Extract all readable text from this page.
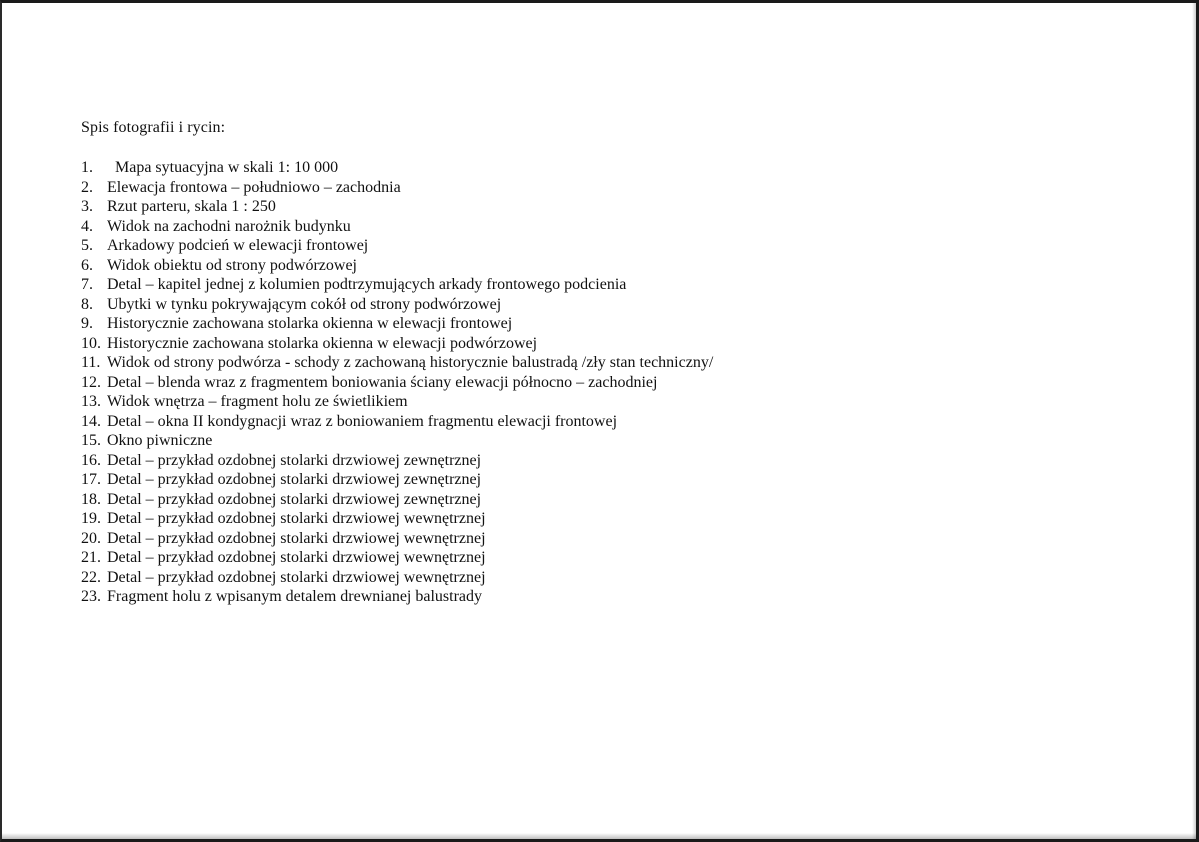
Spis fotografii i rycin:
1.	Mapa sytuacyjna w skali 1: 10 000
2. Elewacja frontowa – południowo – zachodnia
3. Rzut parteru, skala 1 : 250
4. Widok na zachodni narożnik budynku
5. Arkadowy podcień w elewacji frontowej
6. Widok obiektu od strony podwórzowej
7. Detal – kapitel jednej z kolumien podtrzymujących arkady frontowego podcienia
8. Ubytki w tynku pokrywającym cokół od strony podwórzowej
9. Historycznie zachowana stolarka okienna w elewacji frontowej
10. Historycznie zachowana stolarka okienna w elewacji podwórzowej
11. Widok od strony podwórza - schody z zachowaną historycznie balustradą /zły stan techniczny/
12. Detal – blenda wraz z fragmentem boniowania ściany elewacji północno – zachodniej
13. Widok wnętrza – fragment holu ze świetlikiem
14. Detal – okna II kondygnacji wraz z boniowaniem fragmentu elewacji frontowej
15. Okno piwniczne
16. Detal – przykład ozdobnej stolarki drzwiowej zewnętrznej
17. Detal – przykład ozdobnej stolarki drzwiowej zewnętrznej
18. Detal – przykład ozdobnej stolarki drzwiowej zewnętrznej
19. Detal – przykład ozdobnej stolarki drzwiowej wewnętrznej
20. Detal – przykład ozdobnej stolarki drzwiowej wewnętrznej
21. Detal – przykład ozdobnej stolarki drzwiowej wewnętrznej
22. Detal – przykład ozdobnej stolarki drzwiowej wewnętrznej
23. Fragment holu z wpisanym detalem drewnianej balustrady
